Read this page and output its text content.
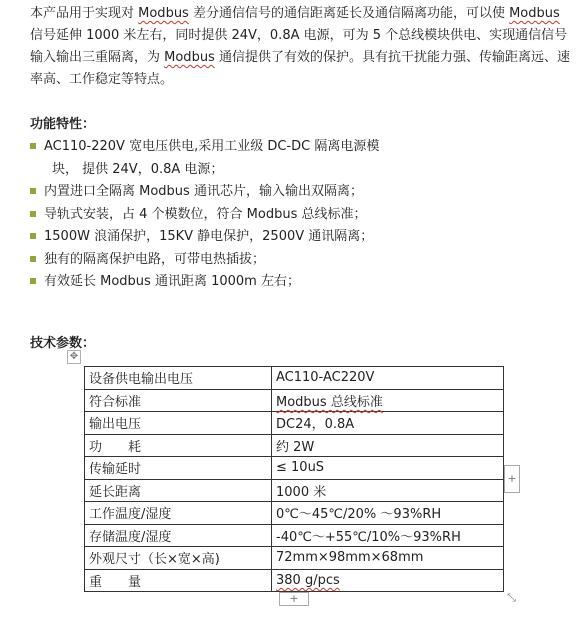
本产品用于实现对 Modbus 差分通信信号的通信距离延长及通信隔离功能，可以使 Modbus 信号延伸 1000 米左右，同时提供 24V，0.8A 电源，可为 5 个总线模块供电、实现通信信号输入输出三重隔离，为 Modbus 通信提供了有效的保护。具有抗干扰能力强、传输距离远、速率高、工作稳定等特点。

功能特性：

AC110-220V 宽电压供电,采用工业级 DC-DC 隔离电源模
块， 提供 24V，0.8A 电源；
内置进口全隔离 Modbus 通讯芯片，输入输出双隔离；
导轨式安装，占 4 个模数位，符合 Modbus 总线标准；
1500W 浪涌保护，15KV 静电保护，2500V 通讯隔离；
独有的隔离保护电路，可带电热插拔；
有效延长 Modbus 通讯距离 1000m 左右；

技术参数：

✥
设备供电输出电压	AC110-AC220V
符合标准	Modbus 总线标准
输出电压	DC24，0.8A
功　　耗	约 2W
传输延时	≤ 10uS
延长距离	1000 米
工作温度/湿度	0℃～45℃/20% ～93%RH
存储温度/湿度	-40℃～+55℃/10%～93%RH
外观尺寸（长×宽×高)	72mm×98mm×68mm
重　　量	380 g/pcs
+
+	⤡
